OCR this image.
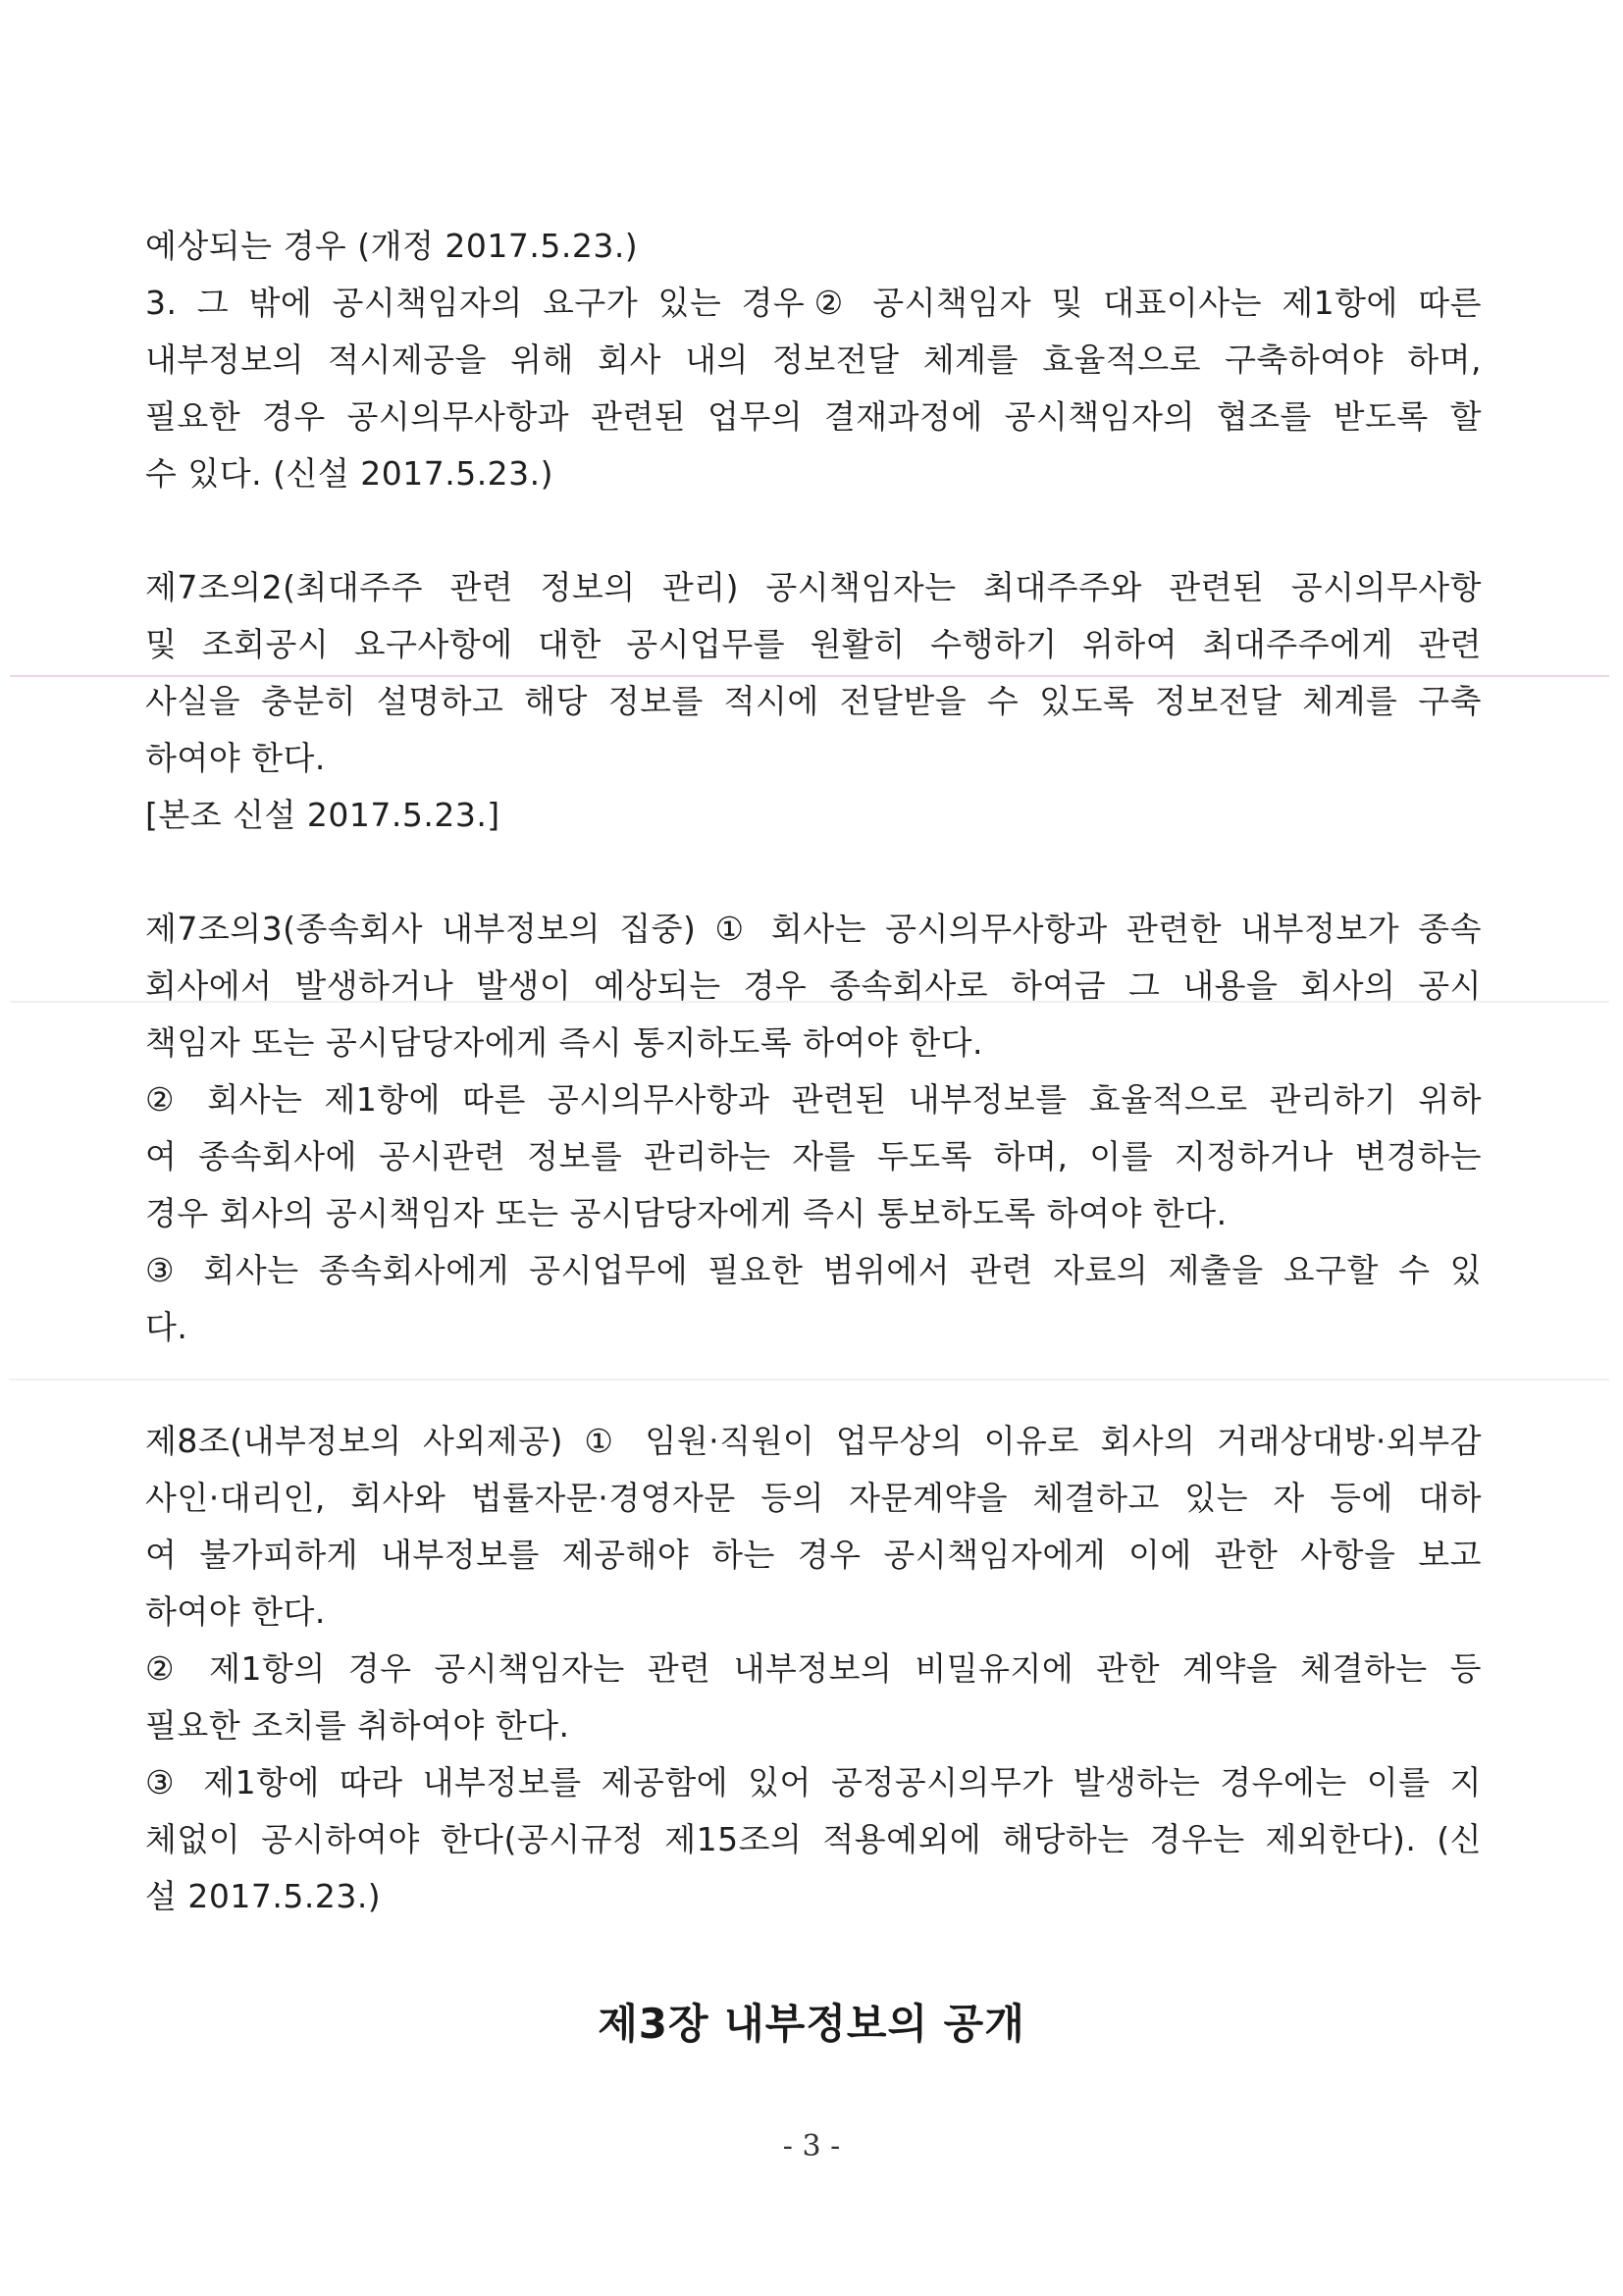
예상되는 경우 (개정 2017.5.23.)
3. 그 밖에 공시책임자의 요구가 있는 경우② 공시책임자 및 대표이사는 제1항에 따른
내부정보의 적시제공을 위해 회사 내의 정보전달 체계를 효율적으로 구축하여야 하며,
필요한 경우 공시의무사항과 관련된 업무의 결재과정에 공시책임자의 협조를 받도록 할
수 있다. (신설 2017.5.23.)
제7조의2(최대주주 관련 정보의 관리) 공시책임자는 최대주주와 관련된 공시의무사항
및 조회공시 요구사항에 대한 공시업무를 원활히 수행하기 위하여 최대주주에게 관련
사실을 충분히 설명하고 해당 정보를 적시에 전달받을 수 있도록 정보전달 체계를 구축
하여야 한다.
[본조 신설 2017.5.23.]
제7조의3(종속회사 내부정보의 집중) ① 회사는 공시의무사항과 관련한 내부정보가 종속
회사에서 발생하거나 발생이 예상되는 경우 종속회사로 하여금 그 내용을 회사의 공시
책임자 또는 공시담당자에게 즉시 통지하도록 하여야 한다.
② 회사는 제1항에 따른 공시의무사항과 관련된 내부정보를 효율적으로 관리하기 위하
여 종속회사에 공시관련 정보를 관리하는 자를 두도록 하며, 이를 지정하거나 변경하는
경우 회사의 공시책임자 또는 공시담당자에게 즉시 통보하도록 하여야 한다.
③ 회사는 종속회사에게 공시업무에 필요한 범위에서 관련 자료의 제출을 요구할 수 있
다.
제8조(내부정보의 사외제공) ① 임원·직원이 업무상의 이유로 회사의 거래상대방·외부감
사인·대리인, 회사와 법률자문·경영자문 등의 자문계약을 체결하고 있는 자 등에 대하
여 불가피하게 내부정보를 제공해야 하는 경우 공시책임자에게 이에 관한 사항을 보고
하여야 한다.
② 제1항의 경우 공시책임자는 관련 내부정보의 비밀유지에 관한 계약을 체결하는 등
필요한 조치를 취하여야 한다.
③ 제1항에 따라 내부정보를 제공함에 있어 공정공시의무가 발생하는 경우에는 이를 지
체없이 공시하여야 한다(공시규정 제15조의 적용예외에 해당하는 경우는 제외한다). (신
설 2017.5.23.)
제3장 내부정보의 공개
- 3 -
